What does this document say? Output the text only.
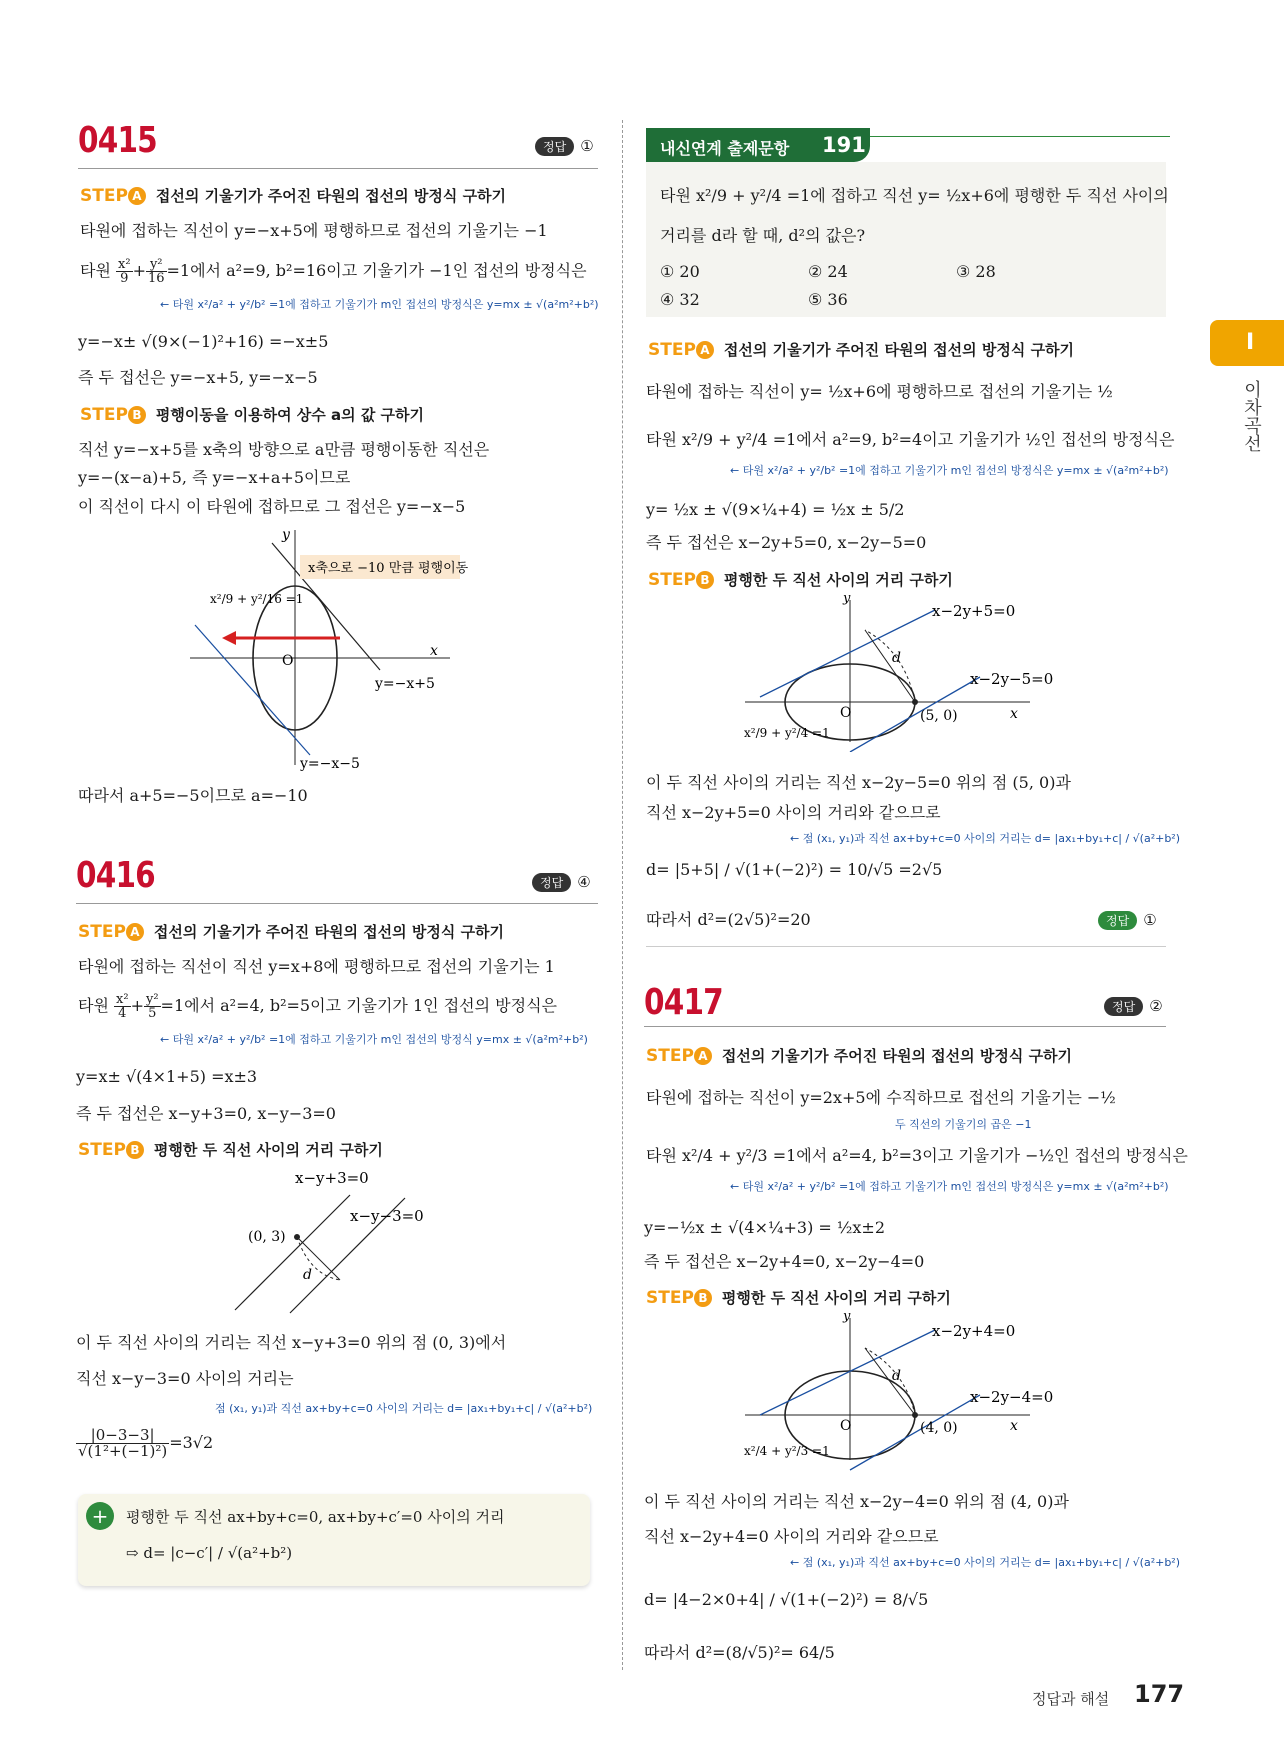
0415	정답 ①
STEP A 접선의 기울기가 주어진 타원의 접선의 방정식 구하기
타원에 접하는 직선이 y=−x+5에 평행하므로 접선의 기울기는 −1
타원 $\frac{\text{x²}}{9} + \frac{\text{y²}}{16} =1$에서 a²=9, b²=16이고 기울기가 −1인 접선의 방정식은
← 타원 x²/a² + y²/b² =1에 접하고 기울기가 m인 접선의 방정식은 y=mx ± √(a²m²+b²)
y=−x± √(9×(−1)²+16) =−x±5
즉 두 접선은 y=−x+5, y=−x−5
STEP B 평행이동을 이용하여 상수 a의 값 구하기
직선 y=−x+5를 x축의 방향으로 a만큼 평행이동한 직선은
y=−(x−a)+5, 즉 y=−x+a+5이므로
이 직선이 다시 이 타원에 접하므로 그 접선은 y=−x−5
x²/9 + y²/16 =1
O
x
y
x축으로 −10 만큼 평행이동
y=−x+5
y=−x−5
따라서 a+5=−5이므로 a=−10
0416	정답 ④
STEP A 접선의 기울기가 주어진 타원의 접선의 방정식 구하기
타원에 접하는 직선이 직선 y=x+8에 평행하므로 접선의 기울기는 1
타원 $\frac{\text{x²}}{4} + \frac{\text{y²}}{5} =1$에서 a²=4, b²=5이고 기울기가 1인 접선의 방정식은
← 타원 x²/a² + y²/b² =1에 접하고 기울기가 m인 접선의 방정식 y=mx ± √(a²m²+b²)
y=x± √(4×1+5) =x±3
즉 두 접선은 x−y+3=0, x−y−3=0
STEP B 평행한 두 직선 사이의 거리 구하기
x−y+3=0
x−y−3=0
(0, 3)
d
이 두 직선 사이의 거리는 직선 x−y+3=0 위의 점 (0, 3)에서
직선 x−y−3=0 사이의 거리는
점 (x₁, y₁)과 직선 ax+by+c=0 사이의 거리는 d= |ax₁+by₁+c| / √(a²+b²)
$\frac{|0-3-3|}{\text{√(1²+(−1)²)}} =3√2$
+	평행한 두 직선 ax+by+c=0, ax+by+c′=0 사이의 거리
⇨ d= |c−c′| / √(a²+b²)
내신연계 출제문항 191
타원 x²/9 + y²/4 =1에 접하고 직선 y= ½x+6에 평행한 두 직선 사이의
거리를 d라 할 때, d²의 값은?
① 20	② 24	③ 28
④ 32	⑤ 36
STEP A 접선의 기울기가 주어진 타원의 접선의 방정식 구하기
타원에 접하는 직선이 y= ½x+6에 평행하므로 접선의 기울기는 ½
타원 x²/9 + y²/4 =1에서 a²=9, b²=4이고 기울기가 ½인 접선의 방정식은
← 타원 x²/a² + y²/b² =1에 접하고 기울기가 m인 접선의 방정식은 y=mx ± √(a²m²+b²)
y= ½x ± √(9×¼+4) = ½x ± 5/2
즉 두 접선은 x−2y+5=0, x−2y−5=0
STEP B 평행한 두 직선 사이의 거리 구하기
y
O	x
x−2y+5=0
x−2y−5=0
d
(5, 0)
x²/9 + y²/4 =1
이 두 직선 사이의 거리는 직선 x−2y−5=0 위의 점 (5, 0)과
직선 x−2y+5=0 사이의 거리와 같으므로
← 점 (x₁, y₁)과 직선 ax+by+c=0 사이의 거리는 d= |ax₁+by₁+c| / √(a²+b²)
d= |5+5| / √(1+(−2)²) = 10/√5 =2√5
따라서 d²=(2√5)²=20	정답 ①
0417	정답 ②
STEP A 접선의 기울기가 주어진 타원의 접선의 방정식 구하기
타원에 접하는 직선이 y=2x+5에 수직하므로 접선의 기울기는 −½
두 직선의 기울기의 곱은 −1
타원 x²/4 + y²/3 =1에서 a²=4, b²=3이고 기울기가 −½인 접선의 방정식은
← 타원 x²/a² + y²/b² =1에 접하고 기울기가 m인 접선의 방정식은 y=mx ± √(a²m²+b²)
y=−½x ± √(4×¼+3) = ½x±2
즉 두 접선은 x−2y+4=0, x−2y−4=0
STEP B 평행한 두 직선 사이의 거리 구하기
y
O	x
x−2y+4=0
x−2y−4=0
d
(4, 0)
x²/4 + y²/3 =1
이 두 직선 사이의 거리는 직선 x−2y−4=0 위의 점 (4, 0)과
직선 x−2y+4=0 사이의 거리와 같으므로
← 점 (x₁, y₁)과 직선 ax+by+c=0 사이의 거리는 d= |ax₁+by₁+c| / √(a²+b²)
d= |4−2×0+4| / √(1+(−2)²) = 8/√5
따라서 d²=(8/√5)²= 64/5
Ⅰ
이차곡선
정답과 해설 177
